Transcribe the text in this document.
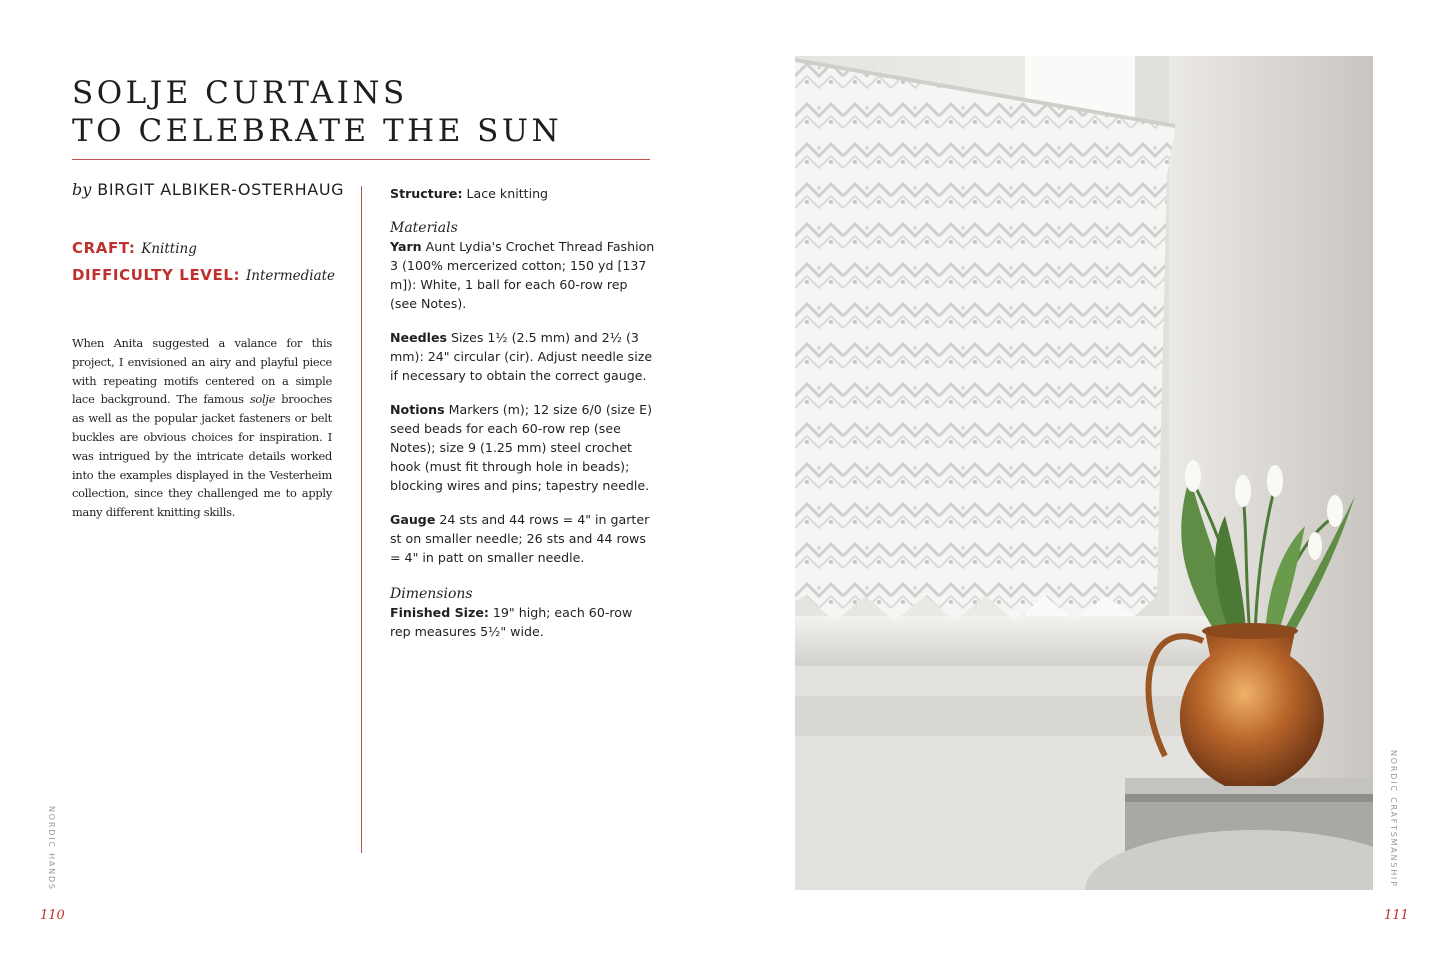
SOLJE CURTAINS
TO CELEBRATE THE SUN
by BIRGIT ALBIKER-OSTERHAUG
CRAFT: Knitting
DIFFICULTY LEVEL: Intermediate
When Anita suggested a valance for this project, I envisioned an airy and playful piece with repeating motifs centered on a simple lace background. The famous solje brooches as well as the popular jacket fasteners or belt buckles are obvious choices for inspiration. I was intrigued by the intricate details worked into the examples displayed in the Vesterheim collection, since they challenged me to apply many different knitting skills.

Structure: Lace knitting

Materials

Yarn Aunt Lydia's Crochet Thread Fashion 3 (100% mercerized cotton; 150 yd [137 m]): White, 1 ball for each 60-row rep (see Notes).

Needles Sizes 1½ (2.5 mm) and 2½ (3 mm): 24" circular (cir). Adjust needle size if necessary to obtain the correct gauge.

Notions Markers (m); 12 size 6/0 (size E) seed beads for each 60-row rep (see Notes); size 9 (1.25 mm) steel crochet hook (must fit through hole in beads); blocking wires and pins; tapestry needle.

Gauge 24 sts and 44 rows = 4" in garter st on smaller needle; 26 sts and 44 rows = 4" in patt on smaller needle.

Dimensions

Finished Size: 19" high; each 60-row rep measures 5½" wide.

NORDIC HANDS
110
NORDIC CRAFTSMANSHIP
111
